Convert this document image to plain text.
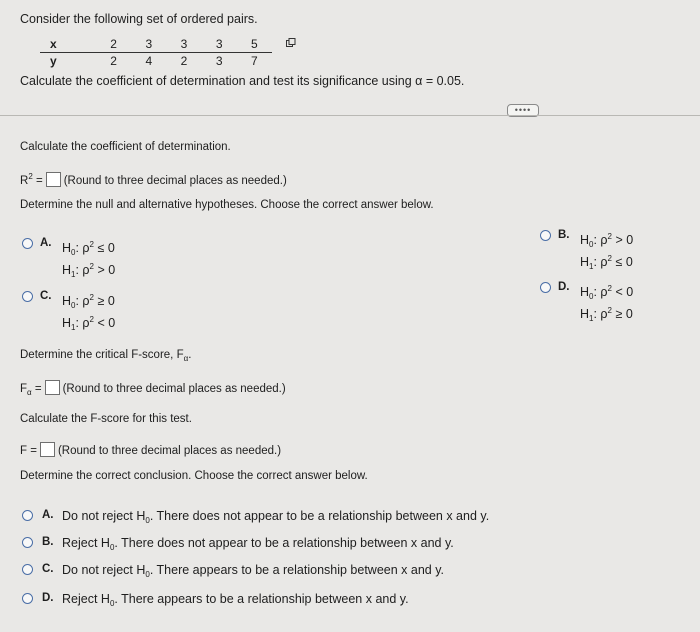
Consider the following set of ordered pairs.
x	2	3	3	3	5
y	2	4	2	3	7
Calculate the coefficient of determination and test its significance using α = 0.05.
••••
Calculate the coefficient of determination.
$R^2$ = (Round to three decimal places as needed.)
Determine the null and alternative hypotheses. Choose the correct answer below.
A. $H_0$: $\rho^2 \le 0$
$H_1$: $\rho^2 > 0$
C. $H_0$: $\rho^2 \ge 0$
$H_1$: $\rho^2 < 0$
B. $H_0$: $\rho^2 > 0$
$H_1$: $\rho^2 \le 0$
D. $H_0$: $\rho^2 < 0$
$H_1$: $\rho^2 \ge 0$
Determine the critical F-score, $F_\alpha$.
$F_\alpha$ = (Round to three decimal places as needed.)
Calculate the F-score for this test.
F = (Round to three decimal places as needed.)
Determine the correct conclusion. Choose the correct answer below.
A. Do not reject $H_0$. There does not appear to be a relationship between x and y.
B. Reject $H_0$. There does not appear to be a relationship between x and y.
C. Do not reject $H_0$. There appears to be a relationship between x and y.
D. Reject $H_0$. There appears to be a relationship between x and y.
